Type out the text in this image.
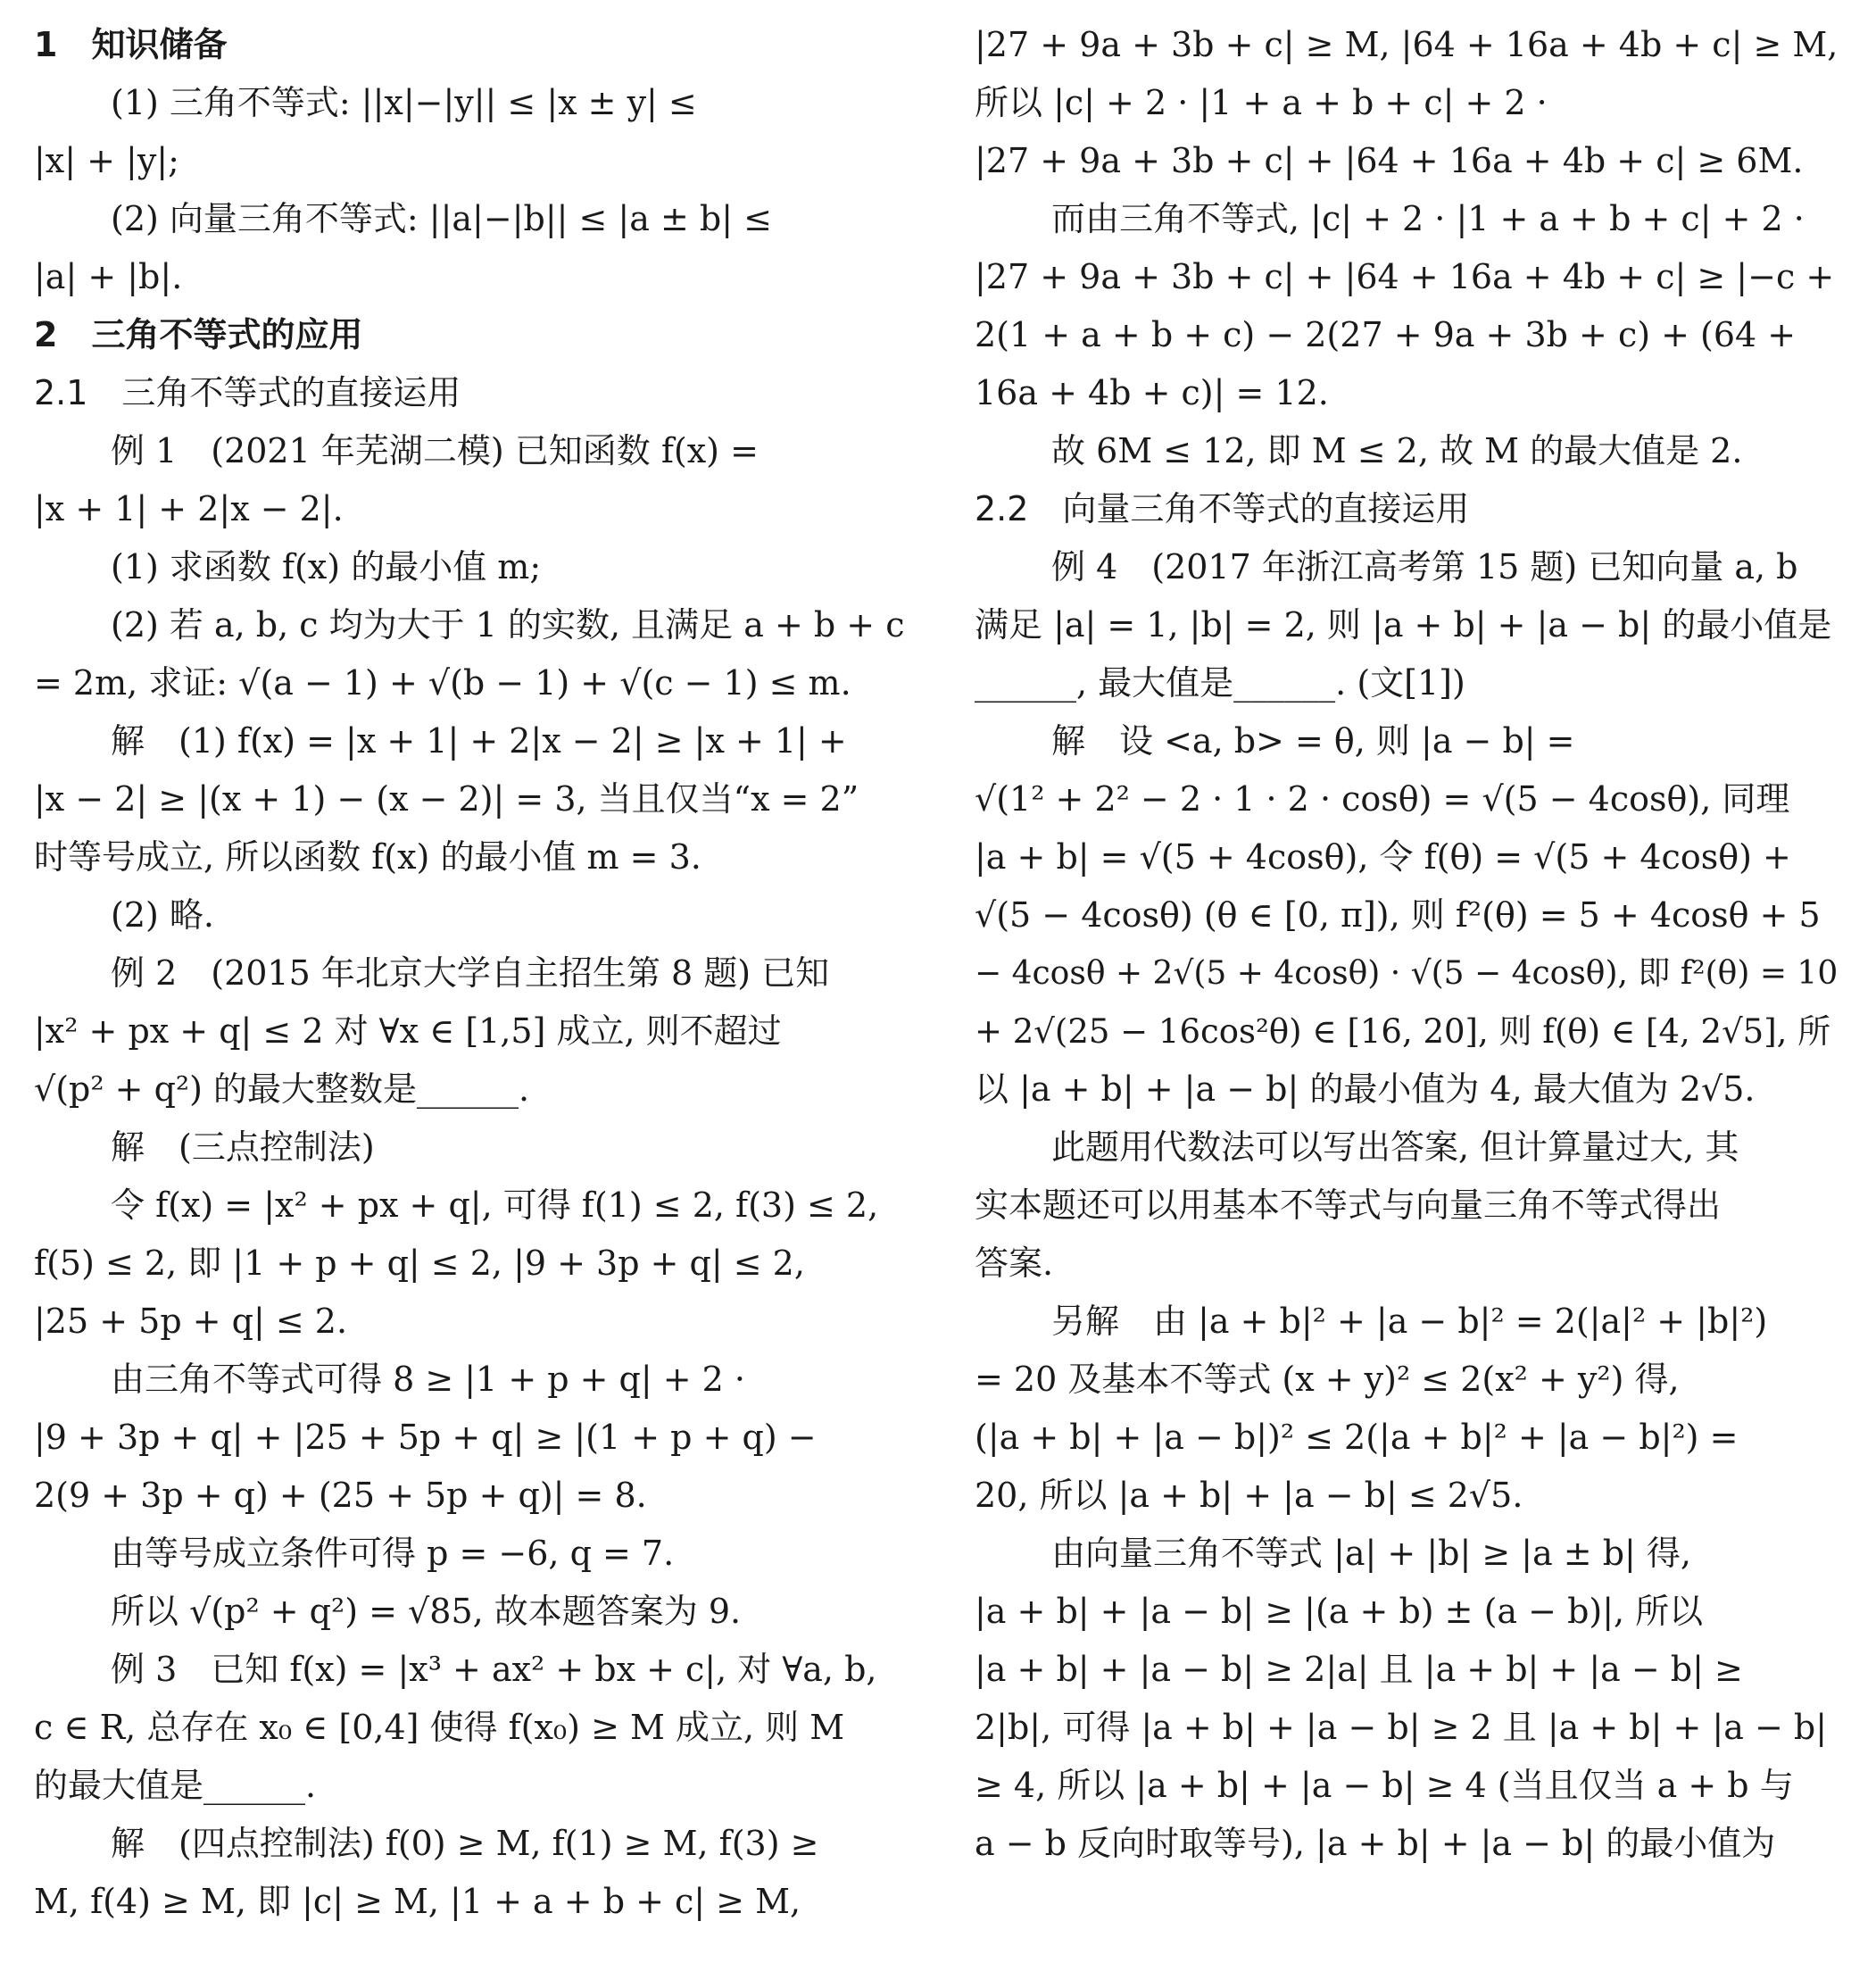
1　知识储备
(1) 三角不等式: ||x|−|y|| ≤ |x ± y| ≤
|x| + |y|;
(2) 向量三角不等式: ||a|−|b|| ≤ |a ± b| ≤
|a| + |b|.
2　三角不等式的应用
2.1　三角不等式的直接运用
例 1　(2021 年芜湖二模) 已知函数 f(x) =
|x + 1| + 2|x − 2|.
(1) 求函数 f(x) 的最小值 m;
(2) 若 a, b, c 均为大于 1 的实数, 且满足 a + b + c
= 2m, 求证: √(a − 1) + √(b − 1) + √(c − 1) ≤ m.
解　(1) f(x) = |x + 1| + 2|x − 2| ≥ |x + 1| +
|x − 2| ≥ |(x + 1) − (x − 2)| = 3, 当且仅当“x = 2”
时等号成立, 所以函数 f(x) 的最小值 m = 3.
(2) 略.
例 2　(2015 年北京大学自主招生第 8 题) 已知
|x² + px + q| ≤ 2 对 ∀x ∈ [1,5] 成立, 则不超过
√(p² + q²) 的最大整数是______.
解　(三点控制法)
令 f(x) = |x² + px + q|, 可得 f(1) ≤ 2, f(3) ≤ 2,
f(5) ≤ 2, 即 |1 + p + q| ≤ 2, |9 + 3p + q| ≤ 2,
|25 + 5p + q| ≤ 2.
由三角不等式可得 8 ≥ |1 + p + q| + 2 ·
|9 + 3p + q| + |25 + 5p + q| ≥ |(1 + p + q) −
2(9 + 3p + q) + (25 + 5p + q)| = 8.
由等号成立条件可得 p = −6, q = 7.
所以 √(p² + q²) = √85, 故本题答案为 9.
例 3　已知 f(x) = |x³ + ax² + bx + c|, 对 ∀a, b,
c ∈ R, 总存在 x₀ ∈ [0,4] 使得 f(x₀) ≥ M 成立, 则 M
的最大值是______.
解　(四点控制法) f(0) ≥ M, f(1) ≥ M, f(3) ≥
M, f(4) ≥ M, 即 |c| ≥ M, |1 + a + b + c| ≥ M,
|27 + 9a + 3b + c| ≥ M, |64 + 16a + 4b + c| ≥ M,
所以 |c| + 2 · |1 + a + b + c| + 2 ·
|27 + 9a + 3b + c| + |64 + 16a + 4b + c| ≥ 6M.
而由三角不等式, |c| + 2 · |1 + a + b + c| + 2 ·
|27 + 9a + 3b + c| + |64 + 16a + 4b + c| ≥ |−c +
2(1 + a + b + c) − 2(27 + 9a + 3b + c) + (64 +
16a + 4b + c)| = 12.
故 6M ≤ 12, 即 M ≤ 2, 故 M 的最大值是 2.
2.2　向量三角不等式的直接运用
例 4　(2017 年浙江高考第 15 题) 已知向量 a, b
满足 |a| = 1, |b| = 2, 则 |a + b| + |a − b| 的最小值是
______, 最大值是______. (文[1])
解　设 <a, b> = θ, 则 |a − b| =
√(1² + 2² − 2 · 1 · 2 · cosθ) = √(5 − 4cosθ), 同理
|a + b| = √(5 + 4cosθ), 令 f(θ) = √(5 + 4cosθ) +
√(5 − 4cosθ) (θ ∈ [0, π]), 则 f²(θ) = 5 + 4cosθ + 5
− 4cosθ + 2√(5 + 4cosθ) · √(5 − 4cosθ), 即 f²(θ) = 10
+ 2√(25 − 16cos²θ) ∈ [16, 20], 则 f(θ) ∈ [4, 2√5], 所
以 |a + b| + |a − b| 的最小值为 4, 最大值为 2√5.
此题用代数法可以写出答案, 但计算量过大, 其
实本题还可以用基本不等式与向量三角不等式得出
答案.
另解　由 |a + b|² + |a − b|² = 2(|a|² + |b|²)
= 20 及基本不等式 (x + y)² ≤ 2(x² + y²) 得,
(|a + b| + |a − b|)² ≤ 2(|a + b|² + |a − b|²) =
20, 所以 |a + b| + |a − b| ≤ 2√5.
由向量三角不等式 |a| + |b| ≥ |a ± b| 得,
|a + b| + |a − b| ≥ |(a + b) ± (a − b)|, 所以
|a + b| + |a − b| ≥ 2|a| 且 |a + b| + |a − b| ≥
2|b|, 可得 |a + b| + |a − b| ≥ 2 且 |a + b| + |a − b|
≥ 4, 所以 |a + b| + |a − b| ≥ 4 (当且仅当 a + b 与
a − b 反向时取等号), |a + b| + |a − b| 的最小值为
